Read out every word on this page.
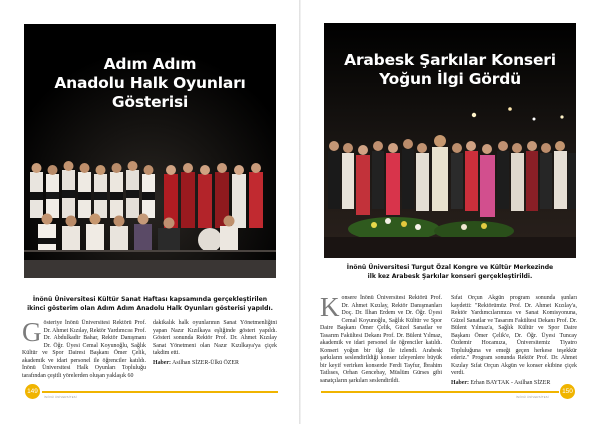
Adım Adım
Anadolu Halk Oyunları
Gösterisi
İnönü Üniversitesi Kültür Sanat Haftası kapsamında gerçekleştirilen
ikinci gösterim olan Adım Adım Anadolu Halk Oyunları gösterisi yapıldı.
G österiye İnönü Üniversitesi Rektörü Prof. Dr. Ahmet Kızılay, Rektör Yardımcısı Prof. Dr. Abdulkadir Bahar, Rektör Danışmanı Dr. Öğr. Üyesi Cemal Koyunoğlu, Sağlık Kültür ve Spor Dairesi Başkanı Ömer Çelik, akademik ve idari personel ile öğrenciler katıldı. İnönü Üniversitesi Halk Oyunları Topluluğu tarafından çeşitli yörelerden oluşan yaklaşık 60

dakikalık halk oyunlarının Sanat Yönetmenliğini yapan Nazır Kızılkaya eşliğinde gösteri yapıldı. Gösteri sonunda Rektör Prof. Dr. Ahmet Kızılay Sanat Yönetmeni olan Nazır Kızılkaya'ya çiçek takdim etti.

Haber: Asilhan SİZER-Ülkü ÖZER
149
İNÖNÜ ÜNİVERSİTESİ
Arabesk Şarkılar Konseri
Yoğun İlgi Gördü
İnönü Üniversitesi Turgut Özal Kongre ve Kültür Merkezinde
ilk kez Arabesk Şarkılar konseri gerçekleştirildi.
K onsere İnönü Üniversitesi Rektörü Prof. Dr. Ahmet Kızılay, Rektör Danışmanları Doç. Dr. İlhan Erdem ve Dr. Öğr. Üyesi Cemal Koyunoğlu, Sağlık Kültür ve Spor Daire Başkanı Ömer Çelik, Güzel Sanatlar ve Tasarım Fakültesi Dekanı Prof. Dr. Bülent Yılmaz, akademik ve idari personel ile öğrenciler katıldı. Konseri yoğun bir ilgi ile izlendi. Arabesk şarkıların seslendirildiği konser izleyenlere büyük bir keyif verirken konserde Ferdi Tayfur, İbrahim Tatlıses, Orhan Gencebay, Müslüm Gürses gibi sanatçıların şarkıları seslendirildi.

Sıfat Orçun Akgün program sonunda şunları kaydetti: "Rektörümüz Prof. Dr. Ahmet Kızılay'a, Rektör Yardımcılarımıza ve Sanat Komisyonuna, Güzel Sanatlar ve Tasarım Fakültesi Dekanı Prof. Dr. Bülent Yılmaz'a, Sağlık Kültür ve Spor Daire Başkanı Ömer Çelik'e, Dr. Öğr. Üyesi Tuncay Özdemir Hocamıza, Üniversitemiz Tiyatro Topluluğuna ve emeği geçen herkese teşekkür ederiz." Program sonunda Rektör Prof. Dr. Ahmet Kızılay Sıfat Orçun Akgün ve konser ekibine çiçek verdi.

Haber: Erhan BAYTAK - Asilhan SİZER
150
İNÖNÜ ÜNİVERSİTESİ
